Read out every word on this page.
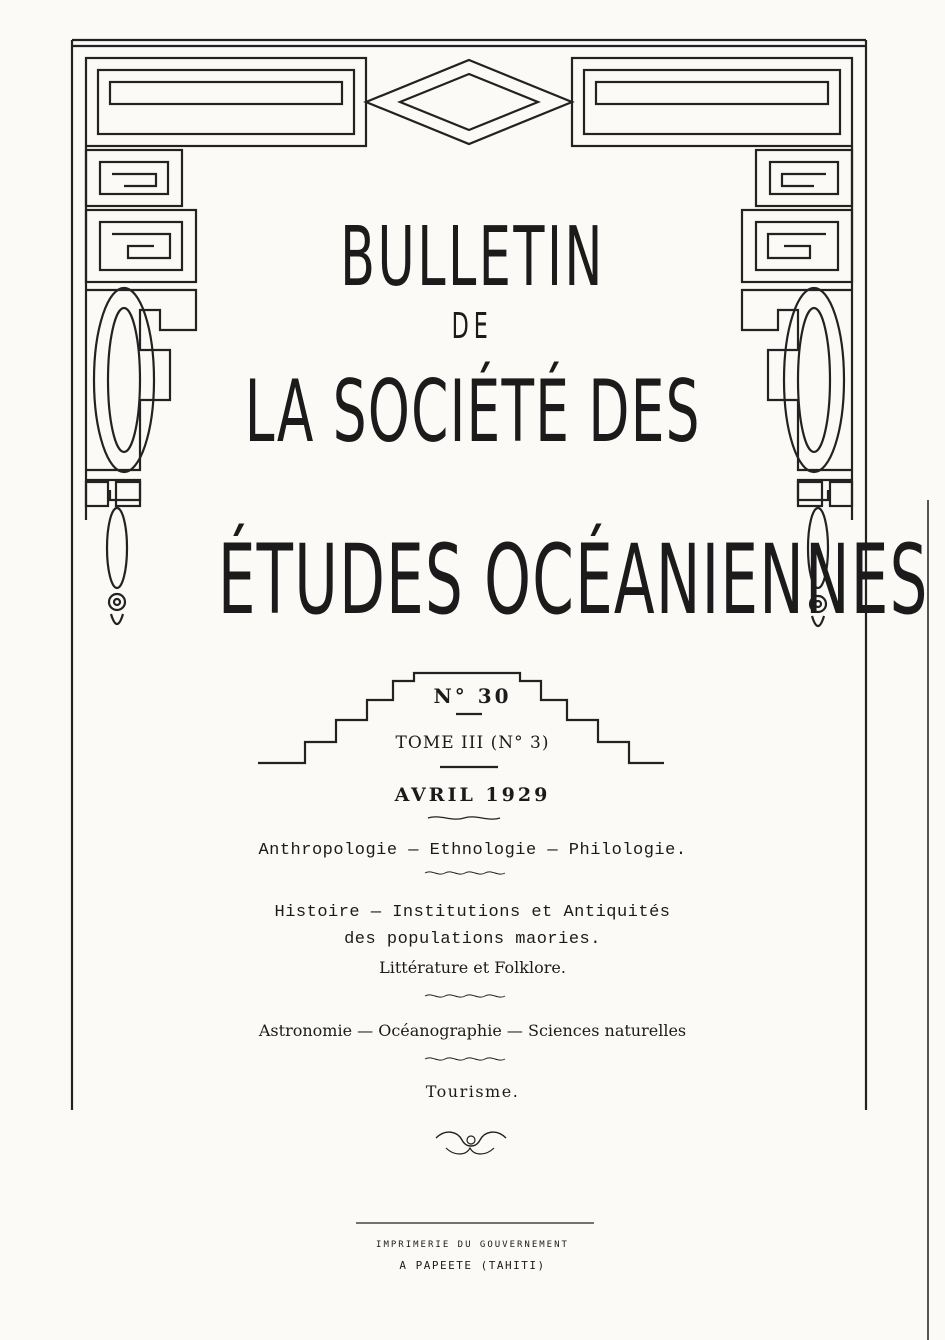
BULLETIN
DE
LA SOCIÉTÉ DES
ÉTUDES OCÉANIENNES
N° 30
TOME III (N° 3)
AVRIL 1929
Anthropologie — Ethnologie — Philologie.
Histoire — Institutions et Antiquités
des populations maories.
Littérature et Folklore.
Astronomie — Océanographie — Sciences naturelles
Tourisme.
IMPRIMERIE DU GOUVERNEMENT
A PAPEETE (TAHITI)
